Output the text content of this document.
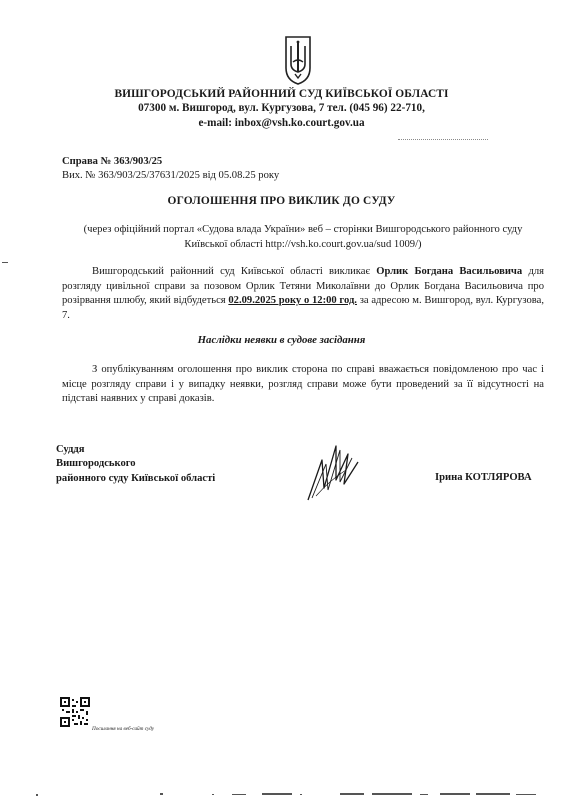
ВИШГОРОДСЬКИЙ РАЙОННИЙ СУД КИЇВСЬКОЇ ОБЛАСТІ
07300 м. Вишгород, вул. Кургузова, 7 тел. (045 96) 22-710,
e-mail: inbox@vsh.ko.court.gov.ua
Справа № 363/903/25
Вих. № 363/903/25/37631/2025 від 05.08.25 року
ОГОЛОШЕННЯ ПРО ВИКЛИК ДО СУДУ
(через офіційний портал «Судова влада України» веб – сторінки Вишгородського районного суду
Київської області http://vsh.ko.court.gov.ua/sud 1009/)
Вишгородський районний суд Київської області викликає Орлик Богдана Васильовича для розгляду цивільної справи за позовом Орлик Тетяни Миколаївни до Орлик Богдана Васильовича про розірвання шлюбу, який відбудеться 02.09.2025 року о 12:00 год. за адресою м. Вишгород, вул. Кургузова, 7.
Наслідки неявки в судове засідання
З опублікуванням оголошення про виклик сторона по справі вважається повідомленою про час і місце розгляду справи і у випадку неявки, розгляд справи може бути проведений за її відсутності на підставі наявних у справі доказів.
Суддя
Вишгородського
районного суду Київської області	Ірина КОТЛЯРОВА
Посилання на веб-сайт суду
